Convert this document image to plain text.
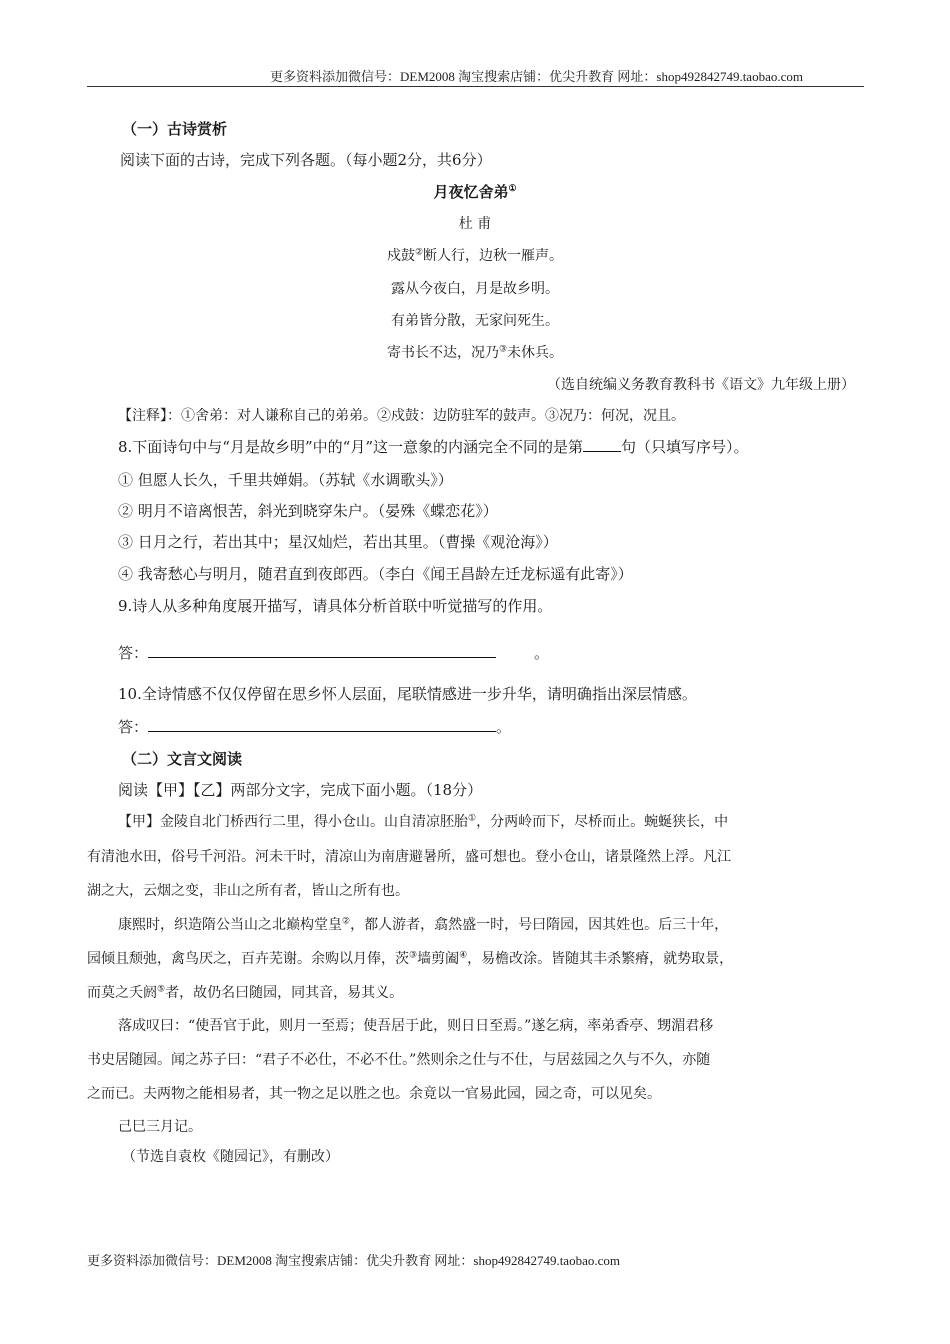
更多资料添加微信号：DEM2008 淘宝搜索店铺：优尖升教育 网址：shop492842749.taobao.com
（一）古诗赏析
阅读下面的古诗，完成下列各题。（每小题2分，共6分）
月夜忆舍弟①
杜 甫
戍鼓②断人行，边秋一雁声。
露从今夜白，月是故乡明。
有弟皆分散，无家问死生。
寄书长不达，况乃③未休兵。
（选自统编义务教育教科书《语文》九年级上册）
【注释】：①舍弟：对人谦称自己的弟弟。②戍鼓：边防驻军的鼓声。③况乃：何况，况且。
8.下面诗句中与“月是故乡明”中的“月”这一意象的内涵完全不同的是第	句（只填写序号）。
① 但愿人长久，千里共婵娟。（苏轼《水调歌头》）
② 明月不谙离恨苦，斜光到晓穿朱户。（晏殊《蝶恋花》）
③ 日月之行，若出其中；星汉灿烂，若出其里。（曹操《观沧海》）
④ 我寄愁心与明月，随君直到夜郎西。（李白《闻王昌龄左迁龙标遥有此寄》）
9.诗人从多种角度展开描写，请具体分析首联中听觉描写的作用。
答：	。
10.全诗情感不仅仅停留在思乡怀人层面，尾联情感进一步升华，请明确指出深层情感。
答：	。
（二）文言文阅读
阅读【甲】【乙】两部分文字，完成下面小题。（18分）
【甲】金陵自北门桥西行二里，得小仓山。山自清凉胚胎①，分两岭而下，尽桥而止。蜿蜒狭长，中
有清池水田，俗号千河沿。河未干时，清凉山为南唐避暑所，盛可想也。登小仓山，诸景隆然上浮。凡江
湖之大，云烟之变，非山之所有者，皆山之所有也。
康熙时，织造隋公当山之北巅构堂皇②，都人游者，翕然盛一时，号曰隋园，因其姓也。后三十年，
园倾且颓弛，禽鸟厌之，百卉芜谢。余购以月俸，茨③墙剪阖④，易檐改涂。皆随其丰杀繁瘠，就势取景，
而莫之夭阏⑤者，故仍名曰随园，同其音，易其义。
落成叹曰：“使吾官于此，则月一至焉；使吾居于此，则日日至焉。”遂乞病，率弟香亭、甥湄君移
书史居随园。闻之苏子曰：“君子不必仕，不必不仕。”然则余之仕与不仕，与居兹园之久与不久，亦随
之而已。夫两物之能相易者，其一物之足以胜之也。余竟以一官易此园，园之奇，可以见矣。
己巳三月记。
（节选自袁枚《随园记》，有删改）
更多资料添加微信号：DEM2008 淘宝搜索店铺：优尖升教育 网址：shop492842749.taobao.com
